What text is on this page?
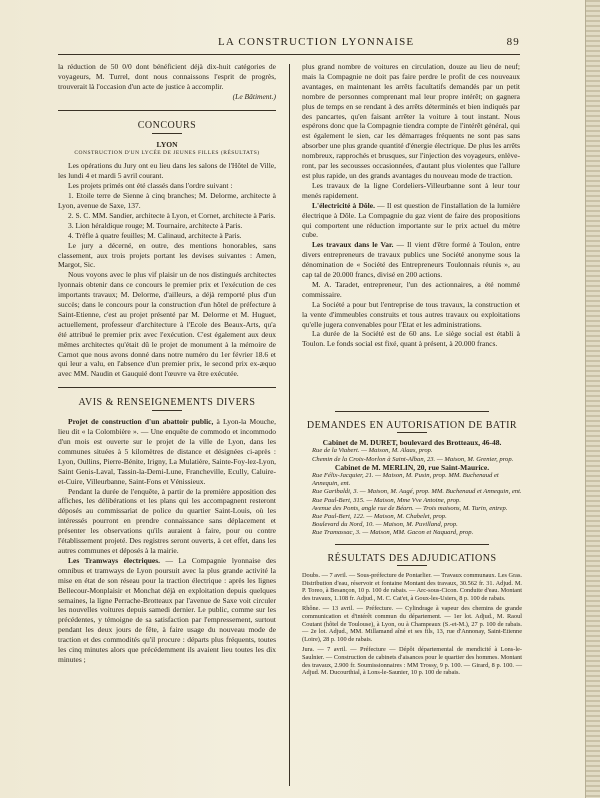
LA CONSTRUCTION LYONNAISE	89

la réduction de 50 0/0 dont bénéficient déjà dix-huit catégories de voyageurs, M. Turrel, dont nous connaissons l'esprit de progrès, trouverait là l'occasion d'un acte de justice à accomplir.

(Le Bâtiment.)

CONCOURS
LYON
CONSTRUCTION D'UN LYCÉE DE JEUNES FILLES (RÉSULTATS)

Les opérations du Jury ont eu lieu dans les salons de l'Hôtel de Ville, les lundi 4 et mardi 5 avril courant.

Les projets primés ont été classés dans l'ordre suivant :

1. Etoile terre de Sienne à cinq branches; M. Delorme, architecte à Lyon, avenue de Saxe, 137.

2. S. C. MM. Sandier, architecte à Lyon, et Cornet, architecte à Paris.

3. Lion héraldique rouge; M. Tournaire, architecte à Paris.

4. Trèfle à quatre feuilles; M. Calinaud, architecte à Paris.

Le jury a décerné, en outre, des mentions honorables, sans classement, aux trois projets portant les devises suivantes : Amen, Margot, Sic.

Nous voyons avec le plus vif plaisir un de nos distingués architectes lyonnais obtenir dans ce concours le premier prix et l'exécution de ces importants travaux; M. Delorme, d'ailleurs, a déjà remporté plus d'un succès; dans le concours pour la construction d'un hôtel de préfecture à Saint-Etienne, c'est au projet présenté par M. Delorme et M. Huguet, actuellement, professeur d'architecture à l'Ecole des Beaux-Arts, qu'a été attribué le premier prix avec l'exécution. C'est également aux deux mêmes architectes qu'était dû le projet de monument à la mémoire de Carnot que nous avons donné dans notre numéro du 1er février 18.6 et qui leur a valu, en l'absence d'un premier prix, le second prix ex-æquo avec MM. Naudin et Gauquié dont l'œuvre va être exécutée.

AVIS & RENSEIGNEMENTS DIVERS

Projet de construction d'un abattoir public, à Lyon-la Mouche, lieu dit « la Colombière ». — Une enquête de commodo et incommodo d'un mois est ouverte sur le projet de la ville de Lyon, dans les communes situées à 5 kilomètres de distance et désignées ci-après : Lyon, Oullins, Pierre-Bénite, Irigny, La Mulatière, Sainte-Foy-lez-Lyon, Saint Genis-Laval, Tassin-la-Demi-Lune, Francheville, Ecully, Caluire-et-Cuire, Villeurbanne, Saint-Fons et Vénissieux.

Pendant la durée de l'enquête, à partir de la première apposition des affiches, les délibérations et les plans qui les accompagnent resteront déposés au commissariat de police du quartier Saint-Louis, où les intéressés pourront en prendre connaissance sans déplacement et présenter les observations qu'ils auraient à faire, pour ou contre l'établissement projeté. Des registres seront ouverts, à cet effet, dans les autres communes et déposés à la mairie.

Les Tramways électriques. — La Compagnie lyonnaise des omnibus et tramways de Lyon poursuit avec la plus grande activité la mise en état de son réseau pour la traction électrique : après les lignes Bellecour-Monplaisir et Monchat déjà en exploitation depuis quelques semaines, la ligne Perrache-Brotteaux par l'avenue de Saxe voit circuler les nouvelles voitures depuis samedi dernier. Le public, comme sur les précédentes, y témoigne de sa satisfaction par l'empressement, surtout pendant les deux jours de fête, à faire usage du nouveau mode de traction et des commodités qu'il procure : départs plus fréquents, toutes les cinq minutes alors que précédemment ils avaient lieu toutes les dix minutes ;

plus grand nombre de voitures en circulation, douze au lieu de neuf; mais la Compagnie ne doit pas faire perdre le profit de ces nouveaux avantages, en maintenant les arrêts facultatifs demandés par un petit nombre de personnes comprenant mal leur propre intérêt; on gagnera plus de temps en se rendant à des arrêts déterminés et bien indiqués par des pancartes, qu'en faisant arrêter la voiture à tout instant. Nous espérons donc que la Compagnie tiendra compte de l'intérêt général, qui est également le sien, car les démarrages fréquents ne sont pas sans absorber une plus grande quantité d'énergie électrique. De plus les arrêts nombreux, rapprochés et brusques, sur l'injection des voyageurs, enlève-ront, par les secousses occasionnées, d'autant plus violentes que l'allure est plus rapide, un des grands avantages du nouveau mode de traction.

Les travaux de la ligne Cordeliers-Villeurbanne sont à leur tour menés rapidement.

L'électricité à Dôle. — Il est question de l'installation de la lumière électrique à Dôle. La Compagnie du gaz vient de faire des propositions qui comportent une réduction importante sur le prix actuel du mètre cube.

Les travaux dans le Var. — Il vient d'être formé à Toulon, entre divers entrepreneurs de travaux publics une Société anonyme sous la dénomination de « Société des Entrepreneurs Toulonnais réunis », au cap tal de 20.000 francs, divisé en 200 actions.

M. A. Taradet, entrepreneur, l'un des actionnaires, a été nommé commissaire.

La Société a pour but l'entreprise de tous travaux, la construction et la vente d'immeubles construits et tous autres travaux ou exploitations qu'elle jugera convenables pour l'Etat et les administrations.

La durée de la Société est de 60 ans. Le siège social est établi à Toulon. Le fonds social est fixé, quant à présent, à 20.000 francs.

DEMANDES EN AUTORISATION DE BATIR
Cabinet de M. DURET, boulevard des Brotteaux, 46-48.

Rue de la Viabert. — Maison, M. Alaas, prop.

Chemin de la Croix-Morlon à Saint-Alban, 23. — Maison, M. Grenier, prop.

Cabinet de M. MERLIN, 20, rue Saint-Maurice.

Rue Félix-Jacquier, 21. — Maison, M. Pusin, prop. MM. Buchenaud et Annequin, ent.

Rue Garibaldi, 3. — Maison, M. Augé, prop. MM. Buchenaud et Annequin, ent.

Rue Paul-Bert, 315. — Maison, Mme Vve Antoine, prop.

Avenue des Ponts, angle rue de Béarn. — Trois maisons, M. Turin, entrep.

Rue Paul-Bert, 122. — Maison, M. Chabelet, prop.

Boulevard du Nord, 10. — Maison, M. Puvilland, prop.

Rue Tramassac, 3. — Maison, MM. Gacon et Naquard, prop.

RÉSULTATS DES ADJUDICATIONS

Doubs. — 7 avril. — Sous-préfecture de Pontarlier. — Travaux communaux. Les Gras. Distribution d'eau, réservoir et fontaine Montant des travaux, 30.562 fr. 31. Adjud. M. P. Toreo, à Besançon, 10 p. 100 de rabais. — Arc-sous-Cicon. Conduite d'eau. Montant des travaux, 1.108 fr. Adjud., M. C. Cat'et, à Goux-les-Usiers, 8 p. 100 de rabais.

Rhône. — 13 avril. — Préfecture. — Cylindrage à vapeur des chemins de grande communication et d'intérêt commun du département. — 1er lot. Adjud., M. Raoul Coutant (hôtel de Toulouse), à Lyon, ou à Champeaux (S.-et-M.), 27 p. 100 de rabais. — 2e lot. Adjud., MM. Millamand aîné et ses fils, 13, rue d'Annonay, Saint-Etienne (Loire), 28 p. 100 de rabais.

Jura. — 7 avril. — Préfecture — Dépôt départemental de mendicité à Lons-le-Saulnier. — Construction de cabinets d'aisances pour le quartier des hommes. Montant des travaux, 2.900 fr. Soumissionnaires : MM Trossy, 9 p. 100. — Girard, 8 p. 100. — Adjud. M. Ducourthial, à Lons-le-Saunier, 10 p. 100 de rabais.
